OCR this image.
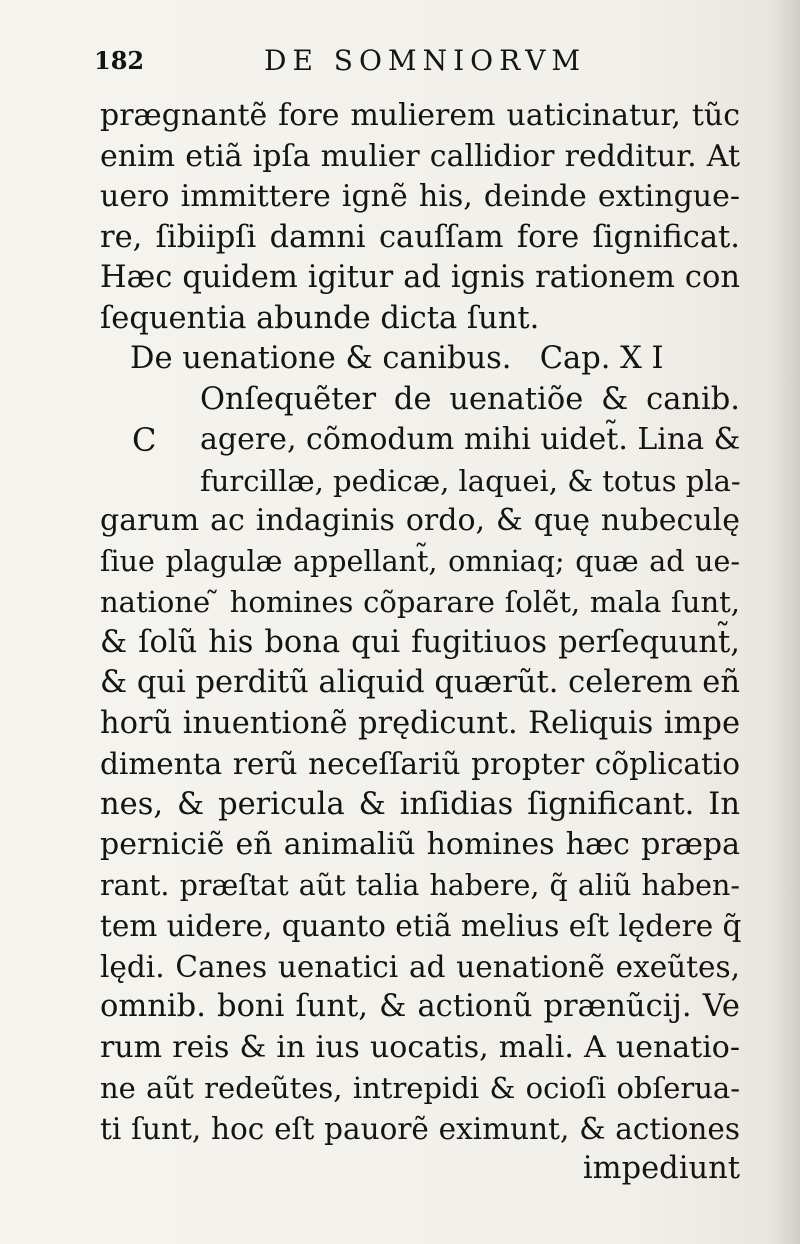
182	DE SOMNIORVM
prægnantẽ fore mulierem uaticinatur, tũc
enim etiã ipſa mulier callidior redditur. At
uero immittere ignẽ his, deinde extingue-
re, ſibiipſi damni cauſſam fore ſignificat.
Hæc quidem igitur ad ignis rationem con
ſequentia abunde dicta ſunt.
De uenatione & canibus. Cap. X I
Onſequẽter de uenatiõe & canib.
C agere, cõmodum mihi uidet̃. Lina &
furcillæ, pedicæ, laquei, & totus pla-
garum ac indaginis ordo, & quę nubeculę
ſiue plagulæ appellant̃, omniaq; quæ ad ue-
natione ̃ homines cõparare ſolẽt, mala ſunt,
& ſolũ his bona qui fugitiuos perſequunt̃,
& qui perditũ aliquid quærũt. celerem eñ
horũ inuentionẽ prędicunt. Reliquis impe
dimenta rerũ neceſſariũ propter cõplicatio
nes, & pericula & inſidias ſignificant. In
perniciẽ eñ animaliũ homines hæc præpa
rant. præſtat aũt talia habere, q̃ aliũ haben-
tem uidere, quanto etiã melius eſt lędere q̃
lędi. Canes uenatici ad uenationẽ exeũtes,
omnib. boni ſunt, & actionũ prænũcij. Ve
rum reis & in ius uocatis, mali. A uenatio-
ne aũt redeũtes, intrepidi & ocioſi obſerua-
ti ſunt, hoc eſt pauorẽ eximunt, & actiones
impediunt
